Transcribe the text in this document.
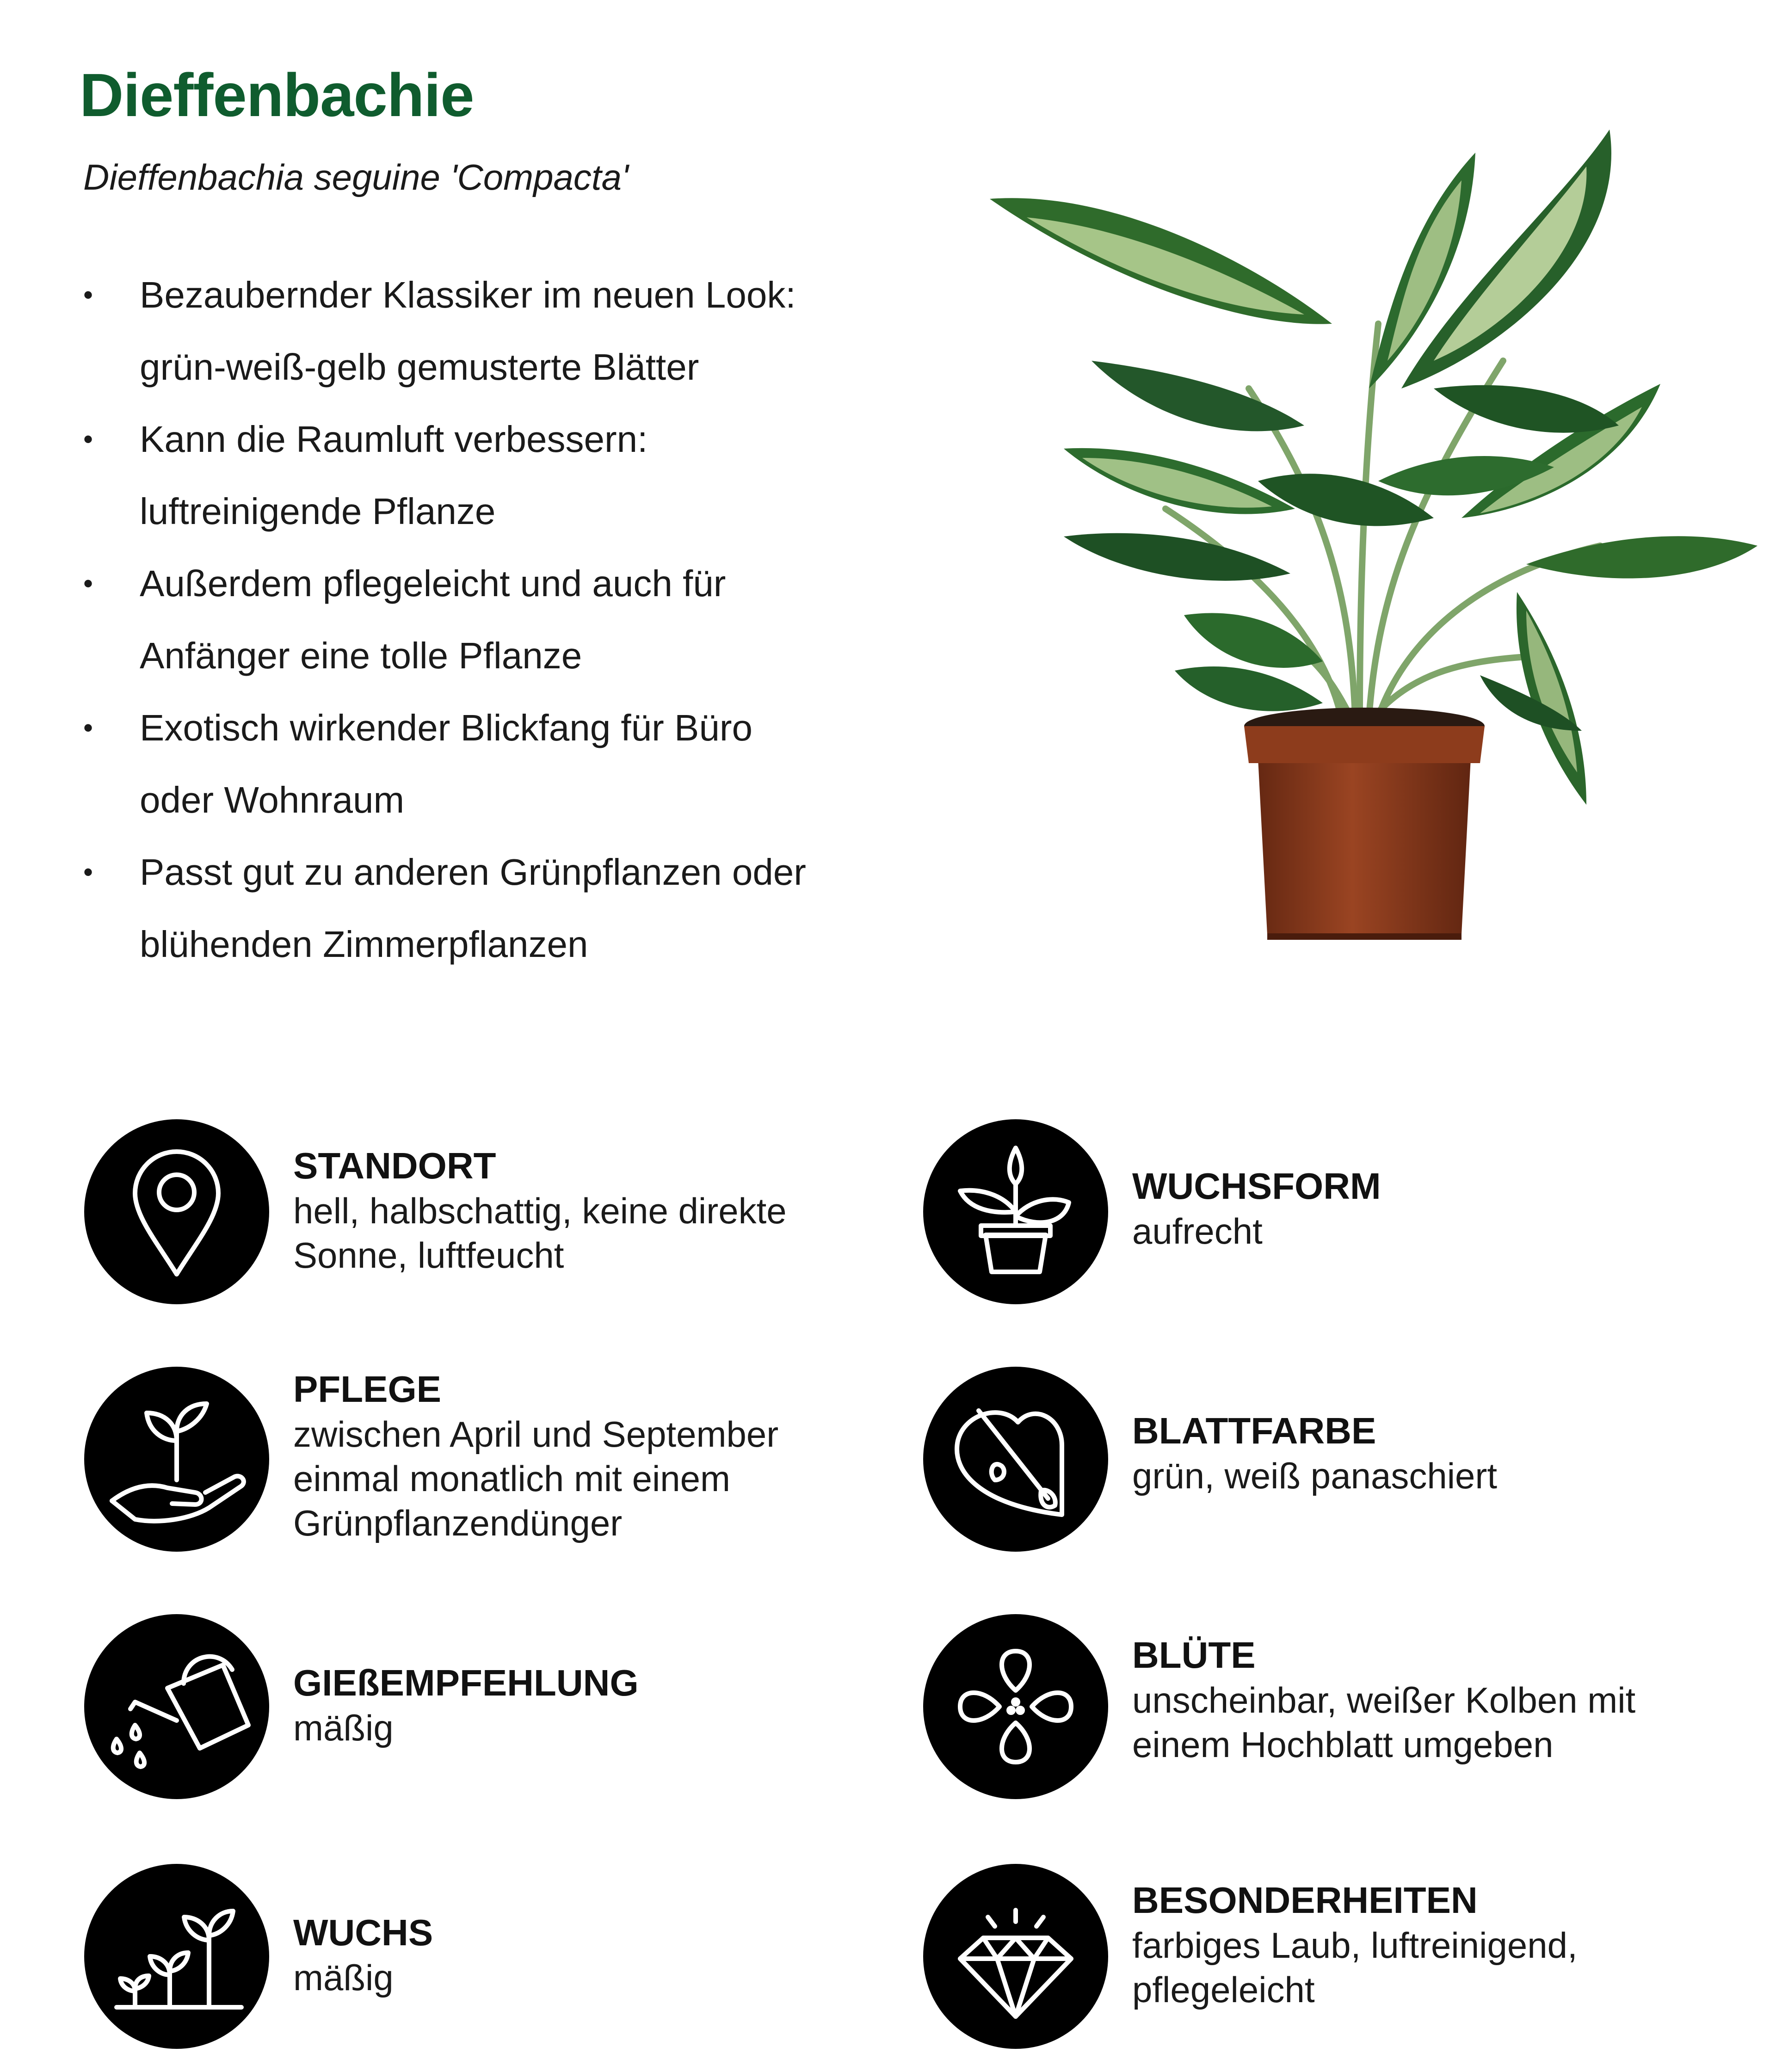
Dieffenbachie

Dieffenbachia seguine 'Compacta'

• Bezaubernder Klassiker im neuen Look:
grün-weiß-gelb gemusterte Blätter
• Kann die Raumluft verbessern:
luftreinigende Pflanze
• Außerdem pflegeleicht und auch für
Anfänger eine tolle Pflanze
• Exotisch wirkender Blickfang für Büro
oder Wohnraum
• Passt gut zu anderen Grünpflanzen oder
blühenden Zimmerpflanzen
STANDORT
hell, halbschattig, keine direkte
Sonne, luftfeucht
WUCHSFORM
aufrecht
PFLEGE
zwischen April und September
einmal monatlich mit einem
Grünpflanzendünger
BLATTFARBE
grün, weiß panaschiert
GIEßEMPFEHLUNG
mäßig
BLÜTE
unscheinbar, weißer Kolben mit
einem Hochblatt umgeben
WUCHS
mäßig
BESONDERHEITEN
farbiges Laub, luftreinigend,
pflegeleicht
